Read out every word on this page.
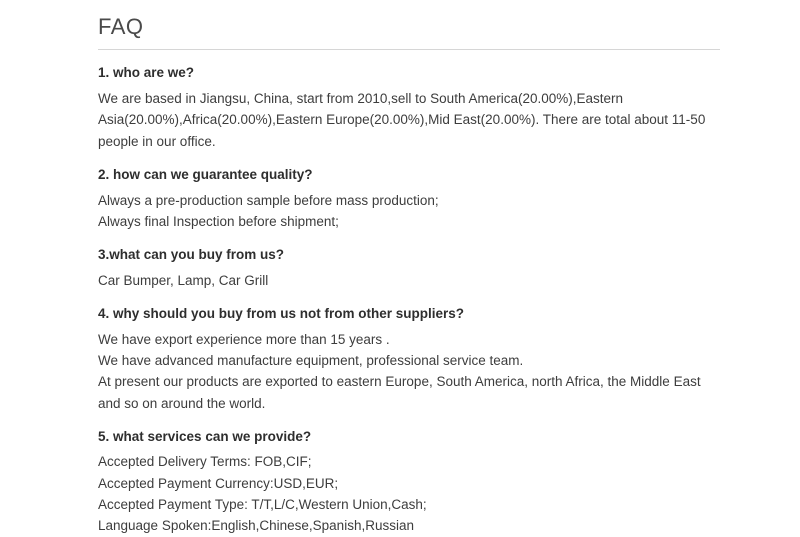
FAQ

1. who are we?

We are based in Jiangsu, China, start from 2010,sell to South America(20.00%),Eastern Asia(20.00%),Africa(20.00%),Eastern Europe(20.00%),Mid East(20.00%). There are total about 11-50 people in our office.

2. how can we guarantee quality?

Always a pre-production sample before mass production;

Always final Inspection before shipment;

3.what can you buy from us?

Car Bumper, Lamp, Car Grill

4. why should you buy from us not from other suppliers?

We have export experience more than 15 years .

We have advanced manufacture equipment, professional service team.

At present our products are exported to eastern Europe, South America, north Africa, the Middle East and so on around the world.

5. what services can we provide?

Accepted Delivery Terms: FOB,CIF;

Accepted Payment Currency:USD,EUR;

Accepted Payment Type: T/T,L/C,Western Union,Cash;

Language Spoken:English,Chinese,Spanish,Russian
